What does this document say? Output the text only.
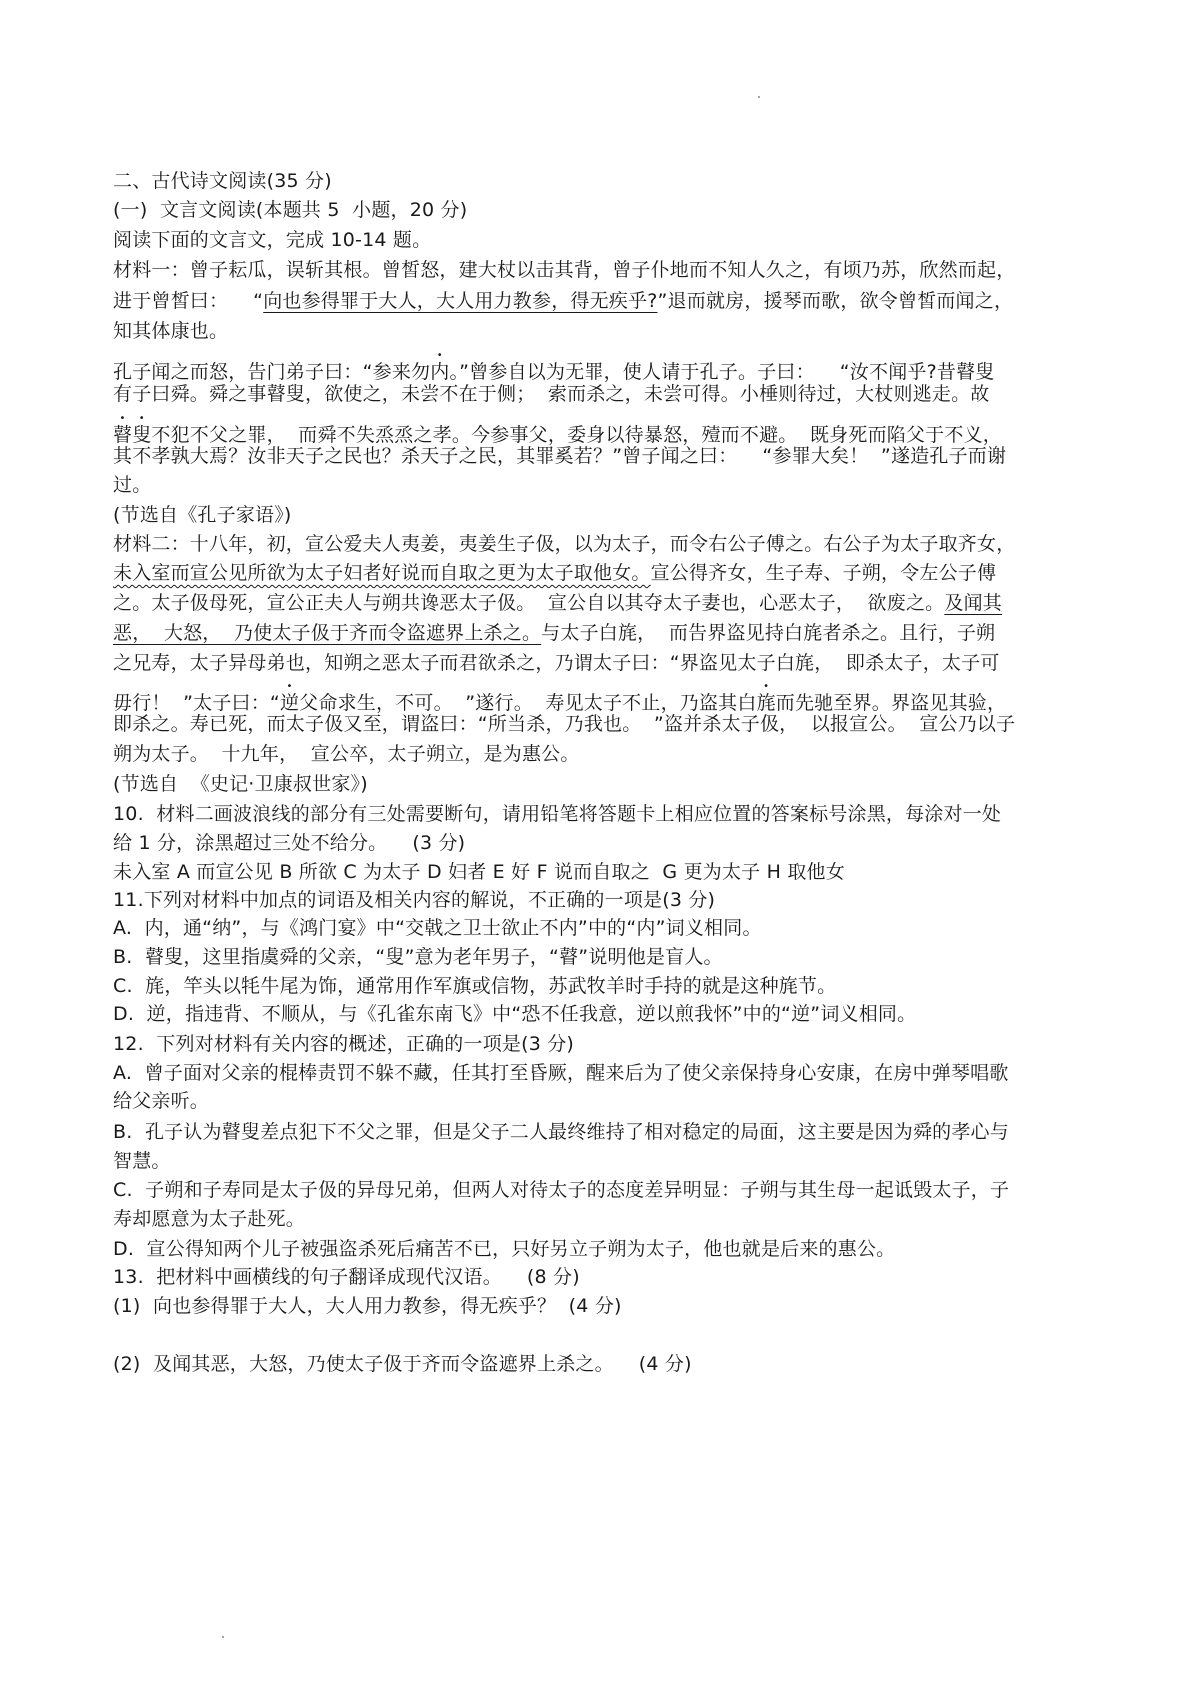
二、古代诗文阅读(35 分)
(一)  文言文阅读(本题共 5  小题，20 分)
阅读下面的文言文，完成 10-14 题。
材料一：曾子耘瓜，误斩其根。曾皙怒，建大杖以击其背，曾子仆地而不知人久之，有顷乃苏，欣然而起，
进于曾皙曰：    “向也参得罪于大人，大人用力教参，得无疾乎?”退而就房，援琴而歌，欲令曾皙而闻之，
知其体康也。
孔子闻之而怒，告门弟子曰：“参来勿内。”曾参自以为无罪，使人请于孔子。子曰：    “汝不闻乎?昔瞽叟
有子曰舜。舜之事瞽叟，欲使之，未尝不在于侧；  索而杀之，未尝可得。小棰则待过，大杖则逃走。故
瞽叟不犯不父之罪，  而舜不失烝烝之孝。今参事父，委身以待暴怒，殪而不避。  既身死而陷父于不义，
其不孝孰大焉？汝非天子之民也？杀天子之民，其罪奚若？”曾子闻之曰：    “参罪大矣！  ”遂造孔子而谢
过。
(节选自《孔子家语》)
材料二：十八年，初，宣公爱夫人夷姜，夷姜生子伋，以为太子，而令右公子傅之。右公子为太子取齐女，
未入室而宣公见所欲为太子妇者好说而自取之更为太子取他女。宣公得齐女，生子寿、子朔，令左公子傅
之。太子伋母死，宣公正夫人与朔共谗恶太子伋。  宣公自以其夺太子妻也，心恶太子，  欲废之。及闻其
恶，  大怒，  乃使太子伋于齐而令盗遮界上杀之。与太子白旄，  而告界盗见持白旄者杀之。且行，子朔
之兄寿，太子异母弟也，知朔之恶太子而君欲杀之，乃谓太子曰：“界盗见太子白旄，  即杀太子，太子可
毋行！  ”太子曰：“逆父命求生，不可。  ”遂行。  寿见太子不止，乃盗其白旄而先驰至界。界盗见其验，
即杀之。寿已死，而太子伋又至，谓盗曰：“所当杀，乃我也。  ”盗并杀太子伋，  以报宣公。  宣公乃以子
朔为太子。  十九年，  宣公卒，太子朔立，是为惠公。
(节选自  《史记·卫康叔世家》)
10.  材料二画波浪线的部分有三处需要断句，请用铅笔将答题卡上相应位置的答案标号涂黑，每涂对一处
给 1 分，涂黑超过三处不给分。    (3 分)
未入室 A 而宣公见 B 所欲 C 为太子 D 妇者 E 好 F 说而自取之  G 更为太子 H 取他女
11.下列对材料中加点的词语及相关内容的解说，不正确的一项是(3 分)
A.  内，通“纳”，与《鸿门宴》中“交戟之卫士欲止不内”中的“内”词义相同。
B.  瞽叟，这里指虞舜的父亲，“叟”意为老年男子，“瞽”说明他是盲人。
C.  旄，竿头以牦牛尾为饰，通常用作军旗或信物，苏武牧羊时手持的就是这种旄节。
D.  逆，指违背、不顺从，与《孔雀东南飞》中“恐不任我意，逆以煎我怀”中的“逆”词义相同。
12.  下列对材料有关内容的概述，正确的一项是(3 分)
A.  曾子面对父亲的棍棒责罚不躲不藏，任其打至昏厥，醒来后为了使父亲保持身心安康，在房中弹琴唱歌
给父亲听。
B.  孔子认为瞽叟差点犯下不父之罪，但是父子二人最终维持了相对稳定的局面，这主要是因为舜的孝心与
智慧。
C.  子朔和子寿同是太子伋的异母兄弟，但两人对待太子的态度差异明显：子朔与其生母一起诋毁太子，子
寿却愿意为太子赴死。
D.  宣公得知两个儿子被强盗杀死后痛苦不已，只好另立子朔为太子，他也就是后来的惠公。
13.  把材料中画横线的句子翻译成现代汉语。    (8 分)
(1)  向也参得罪于大人，大人用力教参，得无疾乎？  (4 分)
(2)  及闻其恶，大怒，乃使太子伋于齐而令盗遮界上杀之。    (4 分)
